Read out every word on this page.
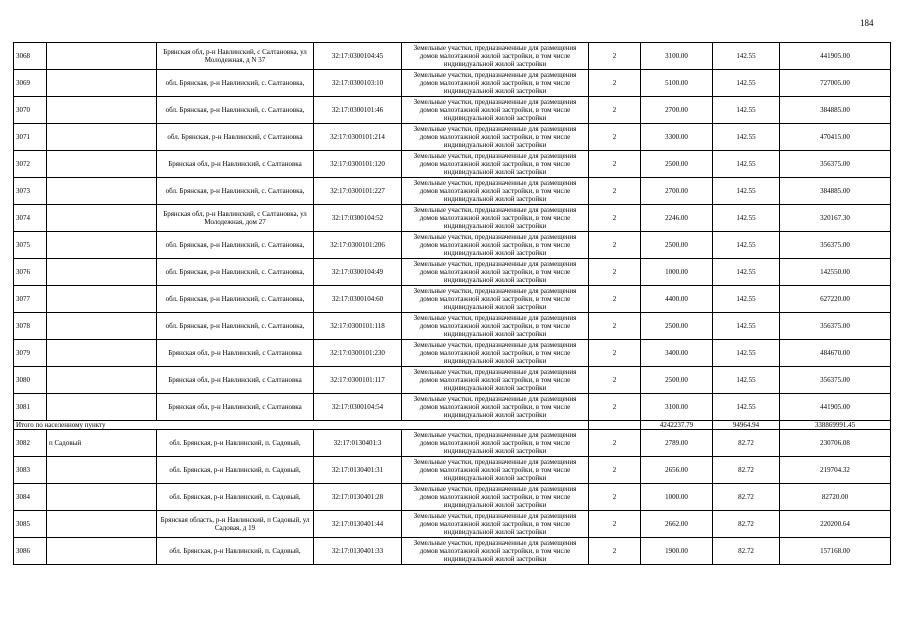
184
3068		Брянская обл, р-н Навлинский, с Салтановка, ул Молодежная, д N 37	32:17:0300104:45	Земельные участки, предназначенные для размещения домов малоэтажной жилой застройки, в том числе индивидуальной жилой застройки	2	3100.00	142.55	441905.00
3069		обл. Брянская, р-н Навлинский, с. Салтановка,	32:17:0300103:10	Земельные участки, предназначенные для размещения домов малоэтажной жилой застройки, в том числе индивидуальной жилой застройки	2	5100.00	142.55	727005.00
3070		обл. Брянская, р-н Навлинский, с. Салтановка,	32:17:0300101:46	Земельные участки, предназначенные для размещения домов малоэтажной жилой застройки, в том числе индивидуальной жилой застройки	2	2700.00	142.55	384885.00
3071		обл. Брянская, р-н Навлинский, с Салтановка	32:17:0300101:214	Земельные участки, предназначенные для размещения домов малоэтажной жилой застройки, в том числе индивидуальной жилой застройки	2	3300.00	142.55	470415.00
3072		Брянская обл, р-н Навлинский, с Салтановка	32:17:0300101:120	Земельные участки, предназначенные для размещения домов малоэтажной жилой застройки, в том числе индивидуальной жилой застройки	2	2500.00	142.55	356375.00
3073		обл. Брянская, р-н Навлинский, с. Салтановка,	32:17:0300101:227	Земельные участки, предназначенные для размещения домов малоэтажной жилой застройки, в том числе индивидуальной жилой застройки	2	2700.00	142.55	384885.00
3074		Брянская обл, р-н Навлинский, с Салтановка, ул Молодежная, дом 27	32:17:0300104:52	Земельные участки, предназначенные для размещения домов малоэтажной жилой застройки, в том числе индивидуальной жилой застройки	2	2246.00	142.55	320167.30
3075		обл. Брянская, р-н Навлинский, с. Салтановка,	32:17:0300101:206	Земельные участки, предназначенные для размещения домов малоэтажной жилой застройки, в том числе индивидуальной жилой застройки	2	2500.00	142.55	356375.00
3076		обл. Брянская, р-н Навлинский, с. Салтановка,	32:17:0300104:49	Земельные участки, предназначенные для размещения домов малоэтажной жилой застройки, в том числе индивидуальной жилой застройки	2	1000.00	142.55	142550.00
3077		обл. Брянская, р-н Навлинский, с. Салтановка,	32:17:0300104:60	Земельные участки, предназначенные для размещения домов малоэтажной жилой застройки, в том числе индивидуальной жилой застройки	2	4400.00	142.55	627220.00
3078		обл. Брянская, р-н Навлинский, с. Салтановка,	32:17:0300101:118	Земельные участки, предназначенные для размещения домов малоэтажной жилой застройки, в том числе индивидуальной жилой застройки	2	2500.00	142.55	356375.00
3079		Брянская обл, р-н Навлинский, с Салтановка	32:17:0300101:230	Земельные участки, предназначенные для размещения домов малоэтажной жилой застройки, в том числе индивидуальной жилой застройки	2	3400.00	142.55	484670.00
3080		Брянская обл, р-н Навлинский, с Салтановка	32:17:0300101:117	Земельные участки, предназначенные для размещения домов малоэтажной жилой застройки, в том числе индивидуальной жилой застройки	2	2500.00	142.55	356375.00
3081		Брянская обл, р-н Навлинский, с Салтановка	32:17:0300104:54	Земельные участки, предназначенные для размещения домов малоэтажной жилой застройки, в том числе индивидуальной жилой застройки	2	3100.00	142.55	441905.00
Итого по населенному пункту						4242237.79	94964.94	338869991.45
3082	п Садовый	обл. Брянская, р-н Навлинский, п. Садовый,	32:17:0130401:3	Земельные участки, предназначенные для размещения домов малоэтажной жилой застройки, в том числе индивидуальной жилой застройки	2	2789.00	82.72	230706.08
3083		обл. Брянская, р-н Навлинский, п. Садовый,	32:17:0130401:31	Земельные участки, предназначенные для размещения домов малоэтажной жилой застройки, в том числе индивидуальной жилой застройки	2	2656.00	82.72	219704.32
3084		обл. Брянская, р-н Навлинский, п. Садовый,	32:17:0130401:28	Земельные участки, предназначенные для размещения домов малоэтажной жилой застройки, в том числе индивидуальной жилой застройки	2	1000.00	82.72	82720.00
3085		Брянская область, р-н Навлинский, п Садовый, ул Садовая, д 19	32:17:0130401:44	Земельные участки, предназначенные для размещения домов малоэтажной жилой застройки, в том числе индивидуальной жилой застройки	2	2662.00	82.72	220200.64
3086		обл. Брянская, р-н Навлинский, п. Садовый,	32:17:0130401:33	Земельные участки, предназначенные для размещения домов малоэтажной жилой застройки, в том числе индивидуальной жилой застройки	2	1900.00	82.72	157168.00
